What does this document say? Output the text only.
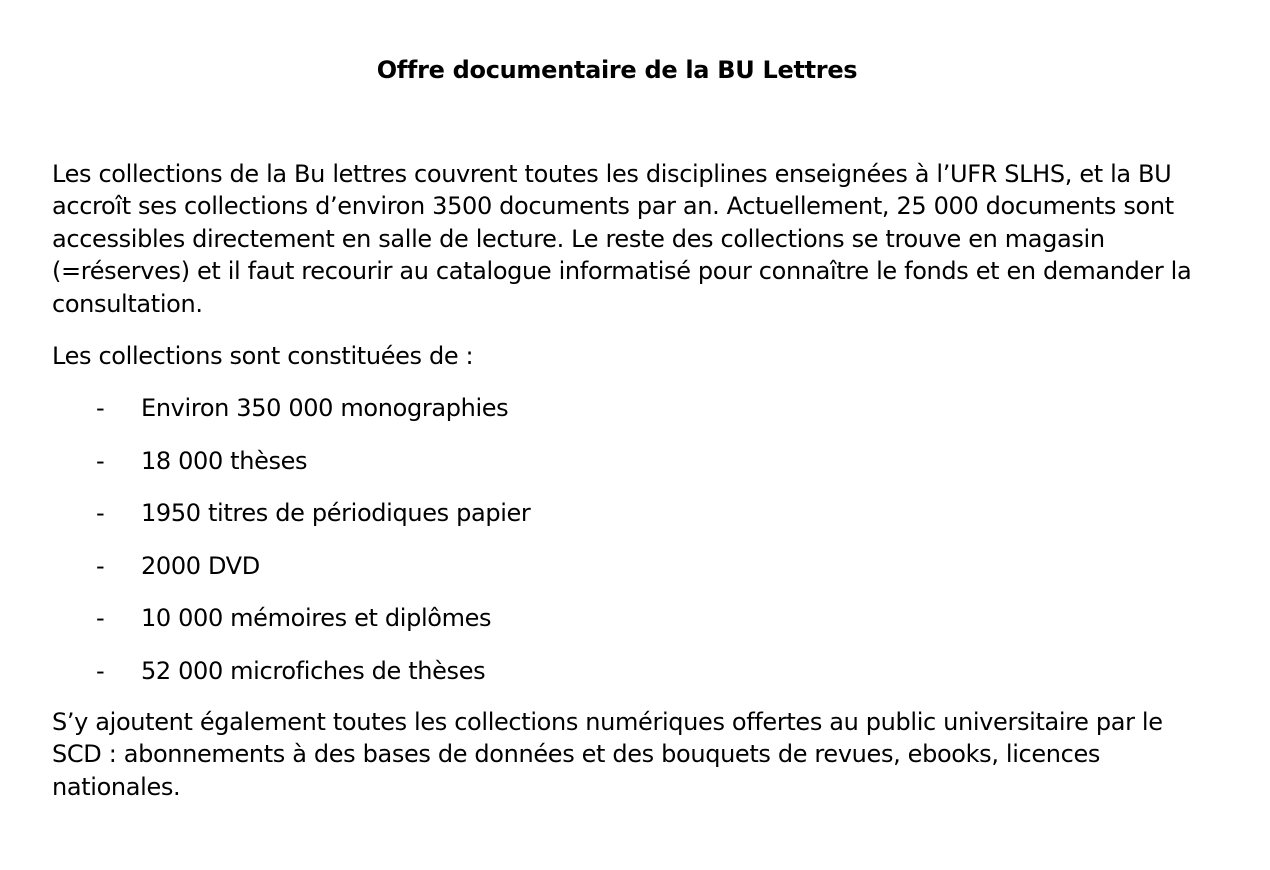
Offre documentaire de la BU Lettres

Les collections de la Bu lettres couvrent toutes les disciplines enseignées à l’UFR SLHS, et la BU accroît ses collections d’environ 3500 documents par an. Actuellement, 25 000 documents sont accessibles directement en salle de lecture. Le reste des collections se trouve en magasin (=réserves) et il faut recourir au catalogue informatisé pour connaître le fonds et en demander la consultation.

Les collections sont constituées de :

- Environ 350 000 monographies
- 18 000 thèses
- 1950 titres de périodiques papier
- 2000 DVD
- 10 000 mémoires et diplômes
- 52 000 microfiches de thèses

S’y ajoutent également toutes les collections numériques offertes au public universitaire par le SCD : abonnements à des bases de données et des bouquets de revues, ebooks, licences nationales.
